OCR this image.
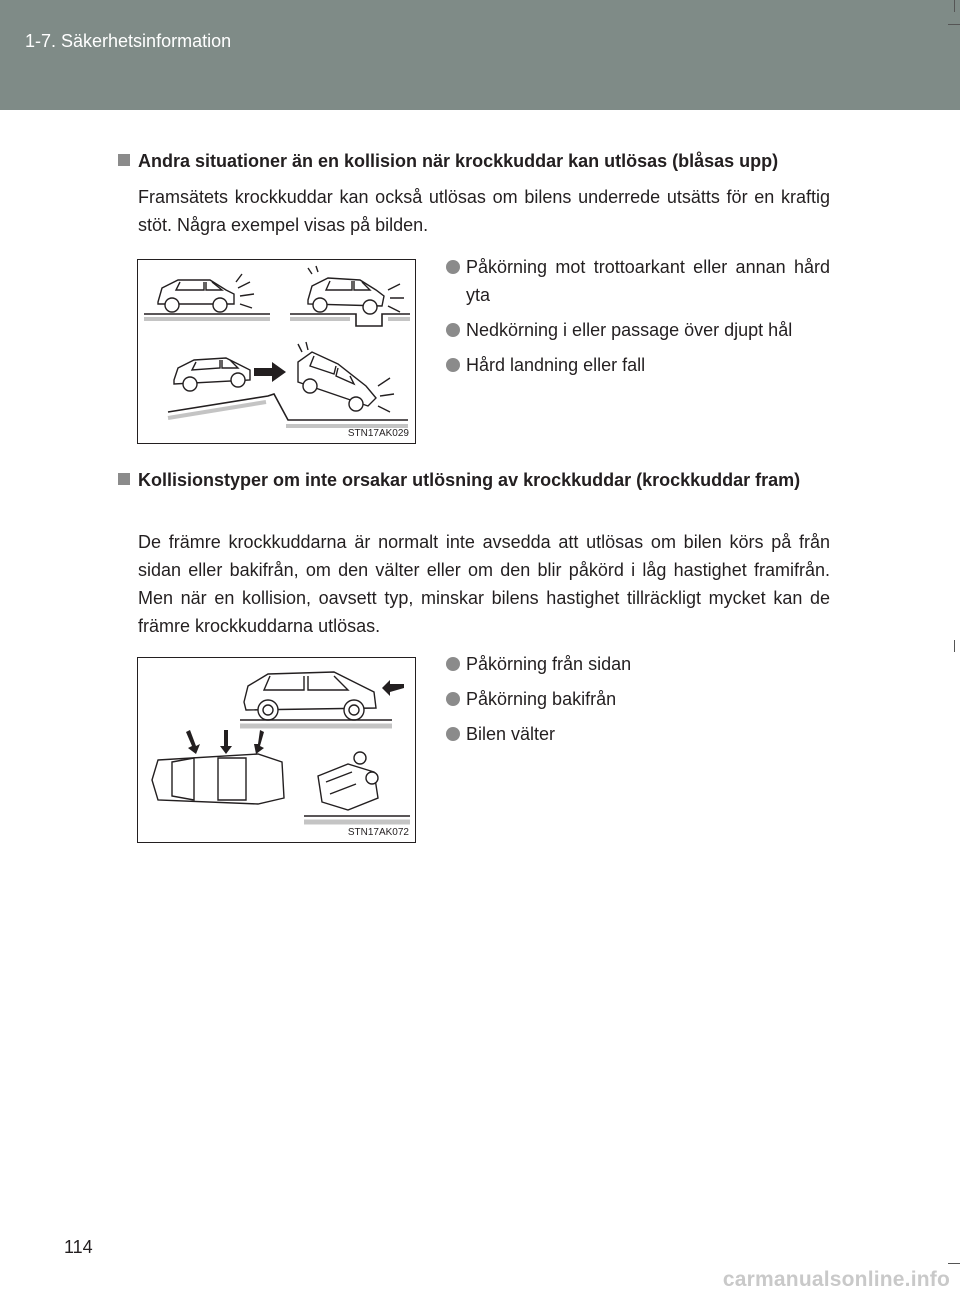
1-7. Säkerhetsinformation
Andra situationer än en kollision när krockkuddar kan utlösas (blåsas upp)

Framsätets krockkuddar kan också utlösas om bilens underrede utsätts för en kraftig stöt. Några exempel visas på bilden.

STN17AK029
Påkörning mot trottoarkant eller annan hård yta
Nedkörning i eller passage över djupt hål
Hård landning eller fall
Kollisionstyper om inte orsakar utlösning av krockkuddar (krockkuddar fram)

De främre krockkuddarna är normalt inte avsedda att utlösas om bilen körs på från sidan eller bakifrån, om den välter eller om den blir påkörd i låg hastighet framifrån. Men när en kollision, oavsett typ, minskar bilens hastighet tillräckligt mycket kan de främre krockkuddarna utlösas.

STN17AK072
Påkörning från sidan
Påkörning bakifrån
Bilen välter
114
carmanualsonline.info
